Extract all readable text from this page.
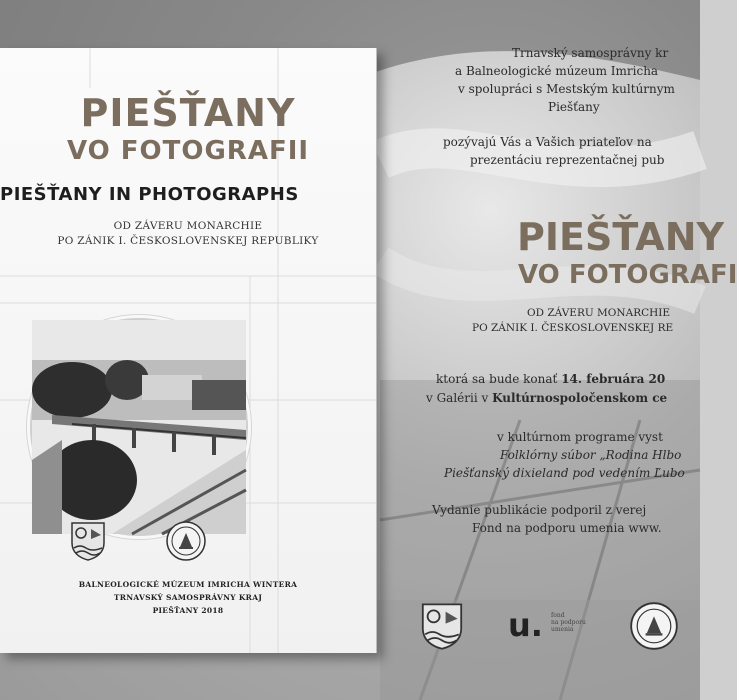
PIEŠŤANY
VO FOTOGRAFII
PIEŠŤANY IN PHOTOGRAPHS
OD ZÁVERU MONARCHIE
PO ZÁNIK I. ČESKOSLOVENSKEJ REPUBLIKY
BALNEOLOGICKÉ MÚZEUM IMRICHA WINTERA
TRNAVSKÝ SAMOSPRÁVNY KRAJ
PIEŠŤANY 2018
Trnavský samosprávny kr
a Balneologické múzeum Imricha
v spolupráci s Mestským kultúrnym
Piešťany
pozývajú Vás a Vašich priateľov na
prezentáciu reprezentačnej pub
PIEŠŤANY
VO FOTOGRAFI
OD ZÁVERU MONARCHIE
PO ZÁNIK I. ČESKOSLOVENSKEJ RE
ktorá sa bude konať 14. februára 20
v Galérii v Kultúrnospoločenskom ce
v kultúrnom programe vyst
Folklórny súbor „Rodina Hlbo
Piešťanský dixieland pod vedením Ľubo
Vydanie publikácie podporil z verej
Fond na podporu umenia www.
u. fond
na podporu
umenia
